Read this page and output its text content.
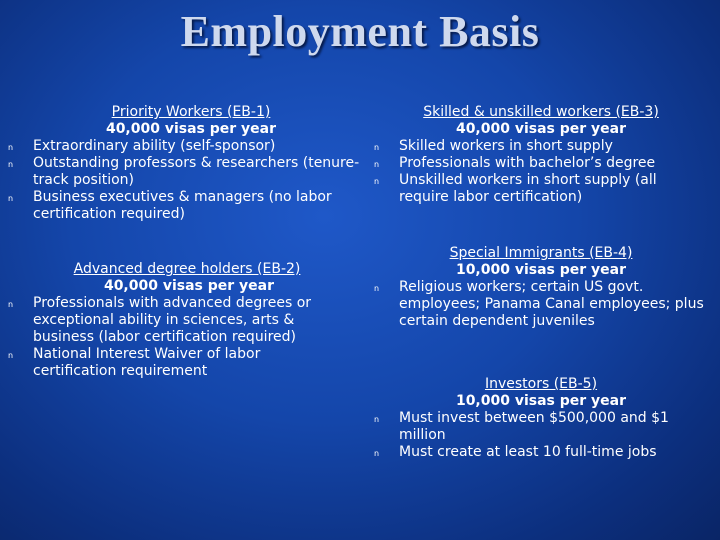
Employment Basis
Priority Workers (EB-1)
40,000 visas per year
n Extraordinary ability (self-sponsor)
n Outstanding professors & researchers (tenure-track position)
n Business executives & managers (no labor certification required)
Advanced degree holders (EB-2)
40,000 visas per year
n Professionals with advanced degrees or exceptional ability in sciences, arts & business (labor certification required)
n National Interest Waiver of labor certification requirement
Skilled & unskilled workers (EB-3)
40,000 visas per year
n Skilled workers in short supply
n Professionals with bachelor’s degree
n Unskilled workers in short supply (all require labor certification)
Special Immigrants (EB-4)
10,000 visas per year
n Religious workers; certain US govt. employees; Panama Canal employees; plus certain dependent juveniles
Investors (EB-5)
10,000 visas per year
n Must invest between $500,000 and $1 million
n Must create at least 10 full-time jobs
